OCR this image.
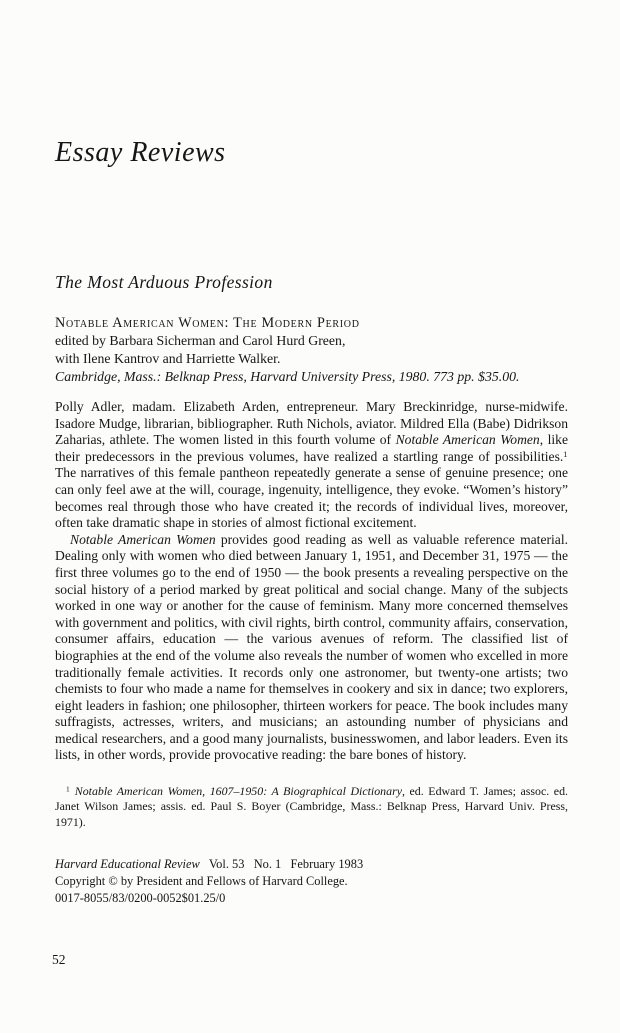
Essay Reviews
The Most Arduous Profession
Notable American Women: The Modern Period
edited by Barbara Sicherman and Carol Hurd Green,
with Ilene Kantrov and Harriette Walker.
Cambridge, Mass.: Belknap Press, Harvard University Press, 1980. 773 pp. $35.00.

Polly Adler, madam. Elizabeth Arden, entrepreneur. Mary Breckinridge, nurse-midwife. Isadore Mudge, librarian, bibliographer. Ruth Nichols, aviator. Mildred Ella (Babe) Didrikson Zaharias, athlete. The women listed in this fourth volume of Notable American Women, like their predecessors in the previous volumes, have realized a startling range of possibilities.$^1$ The narratives of this female pantheon repeatedly generate a sense of genuine presence; one can only feel awe at the will, courage, ingenuity, intelligence, they evoke. “Women’s history” becomes real through those who have created it; the records of individual lives, moreover, often take dramatic shape in stories of almost fictional excitement.

Notable American Women provides good reading as well as valuable reference material. Dealing only with women who died between January 1, 1951, and December 31, 1975 — the first three volumes go to the end of 1950 — the book presents a revealing perspective on the social history of a period marked by great political and social change. Many of the subjects worked in one way or another for the cause of feminism. Many more concerned themselves with government and politics, with civil rights, birth control, community affairs, conservation, consumer affairs, education — the various avenues of reform. The classified list of biographies at the end of the volume also reveals the number of women who excelled in more traditionally female activities. It records only one astronomer, but twenty-one artists; two chemists to four who made a name for themselves in cookery and six in dance; two explorers, eight leaders in fashion; one philosopher, thirteen workers for peace. The book includes many suffragists, actresses, writers, and musicians; an astounding number of physicians and medical researchers, and a good many journalists, businesswomen, and labor leaders. Even its lists, in other words, provide provocative reading: the bare bones of history.

$^1$ Notable American Women, 1607–1950: A Biographical Dictionary, ed. Edward T. James; assoc. ed. Janet Wilson James; assis. ed. Paul S. Boyer (Cambridge, Mass.: Belknap Press, Harvard Univ. Press, 1971).
Harvard Educational Review   Vol. 53   No. 1   February 1983
Copyright © by President and Fellows of Harvard College.
0017-8055/83/0200-0052$01.25/0
52
